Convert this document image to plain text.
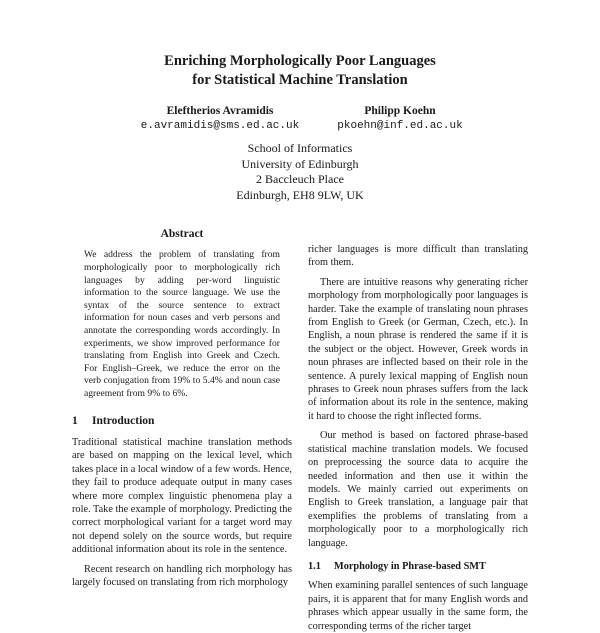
Enriching Morphologically Poor Languages
for Statistical Machine Translation
Eleftherios Avramidis
e.avramidis@sms.ed.ac.uk
Philipp Koehn
pkoehn@inf.ed.ac.uk
School of Informatics
University of Edinburgh
2 Baccleuch Place
Edinburgh, EH8 9LW, UK
Abstract

We address the problem of translating from morphologically poor to morphologically rich languages by adding per-word linguistic information to the source language. We use the syntax of the source sentence to extract information for noun cases and verb persons and annotate the corresponding words accordingly. In experiments, we show improved performance for translating from English into Greek and Czech. For English–Greek, we reduce the error on the verb conjugation from 19% to 5.4% and noun case agreement from 9% to 6%.

1 Introduction

Traditional statistical machine translation methods are based on mapping on the lexical level, which takes place in a local window of a few words. Hence, they fail to produce adequate output in many cases where more complex linguistic phenomena play a role. Take the example of morphology. Predicting the correct morphological variant for a target word may not depend solely on the source words, but require additional information about its role in the sentence.

Recent research on handling rich morphology has largely focused on translating from rich morphology

richer languages is more difficult than translating from them.

There are intuitive reasons why generating richer morphology from morphologically poor languages is harder. Take the example of translating noun phrases from English to Greek (or German, Czech, etc.). In English, a noun phrase is rendered the same if it is the subject or the object. However, Greek words in noun phrases are inflected based on their role in the sentence. A purely lexical mapping of English noun phrases to Greek noun phrases suffers from the lack of information about its role in the sentence, making it hard to choose the right inflected forms.

Our method is based on factored phrase-based statistical machine translation models. We focused on preprocessing the source data to acquire the needed information and then use it within the models. We mainly carried out experiments on English to Greek translation, a language pair that exemplifies the problems of translating from a morphologically poor to a morphologically rich language.

1.1 Morphology in Phrase-based SMT

When examining parallel sentences of such language pairs, it is apparent that for many English words and phrases which appear usually in the same form, the corresponding terms of the richer target
